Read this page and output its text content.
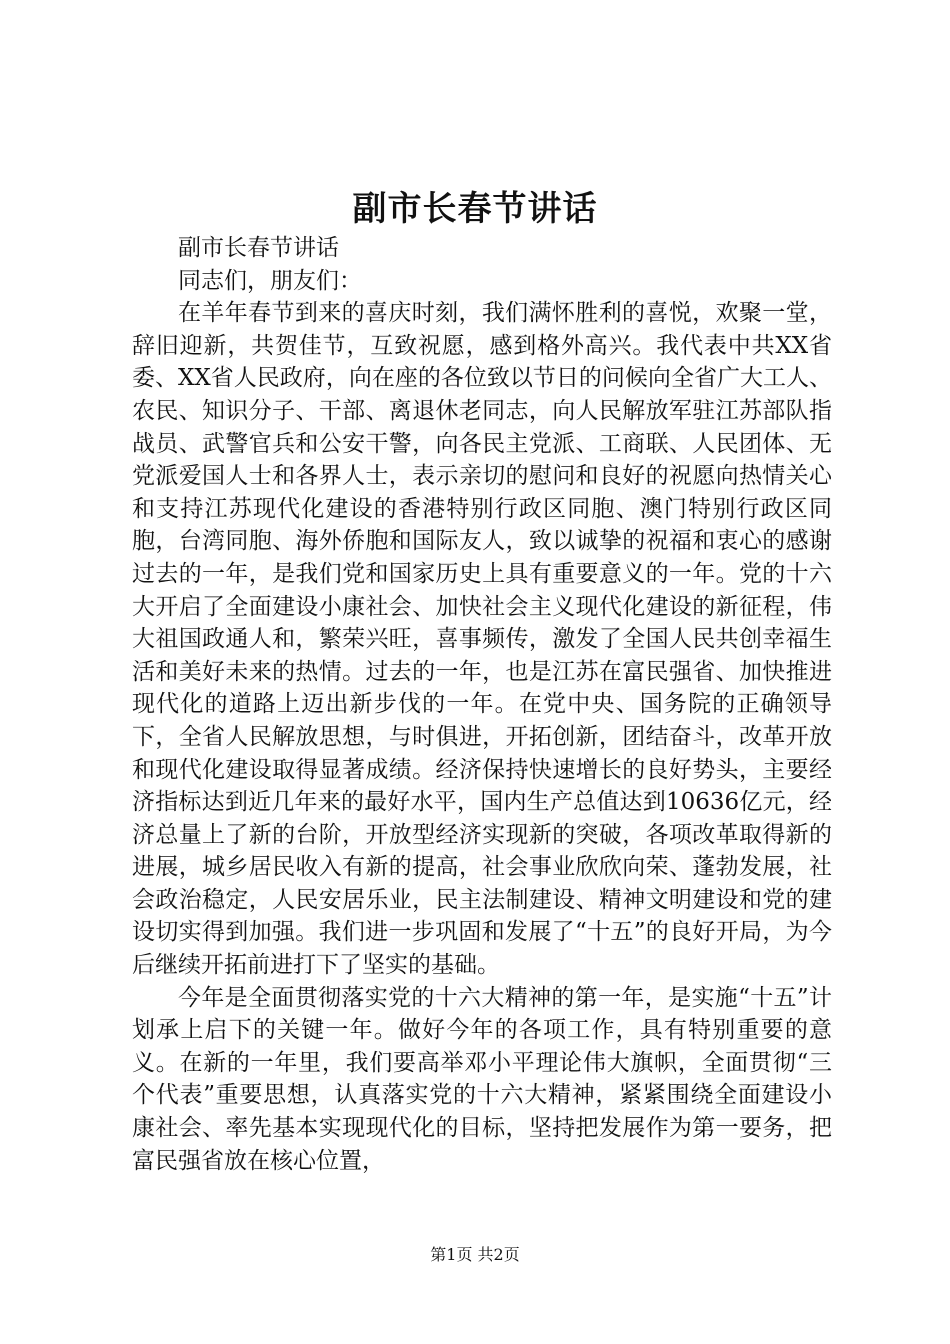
副市长春节讲话

副市长春节讲话

同志们，朋友们：

在羊年春节到来的喜庆时刻，我们满怀胜利的喜悦，欢聚一堂，辞旧迎新，共贺佳节，互致祝愿，感到格外高兴。我代表中共XX省委、XX省人民政府，向在座的各位致以节日的问候向全省广大工人、农民、知识分子、干部、离退休老同志，向人民解放军驻江苏部队指战员、武警官兵和公安干警，向各民主党派、工商联、人民团体、无党派爱国人士和各界人士，表示亲切的慰问和良好的祝愿向热情关心和支持江苏现代化建设的香港特别行政区同胞、澳门特别行政区同胞，台湾同胞、海外侨胞和国际友人，致以诚挚的祝福和衷心的感谢过去的一年，是我们党和国家历史上具有重要意义的一年。党的十六大开启了全面建设小康社会、加快社会主义现代化建设的新征程，伟大祖国政通人和，繁荣兴旺，喜事频传，激发了全国人民共创幸福生活和美好未来的热情。过去的一年，也是江苏在富民强省、加快推进现代化的道路上迈出新步伐的一年。在党中央、国务院的正确领导下，全省人民解放思想，与时俱进，开拓创新，团结奋斗，改革开放和现代化建设取得显著成绩。经济保持快速增长的良好势头，主要经济指标达到近几年来的最好水平，国内生产总值达到10636亿元，经济总量上了新的台阶，开放型经济实现新的突破，各项改革取得新的进展，城乡居民收入有新的提高，社会事业欣欣向荣、蓬勃发展，社会政治稳定，人民安居乐业，民主法制建设、精神文明建设和党的建设切实得到加强。我们进一步巩固和发展了“十五”的良好开局，为今后继续开拓前进打下了坚实的基础。

今年是全面贯彻落实党的十六大精神的第一年，是实施“十五”计划承上启下的关键一年。做好今年的各项工作，具有特别重要的意义。在新的一年里，我们要高举邓小平理论伟大旗帜，全面贯彻“三个代表”重要思想，认真落实党的十六大精神，紧紧围绕全面建设小康社会、率先基本实现现代化的目标，坚持把发展作为第一要务，把富民强省放在核心位置，

第1页 共2页
